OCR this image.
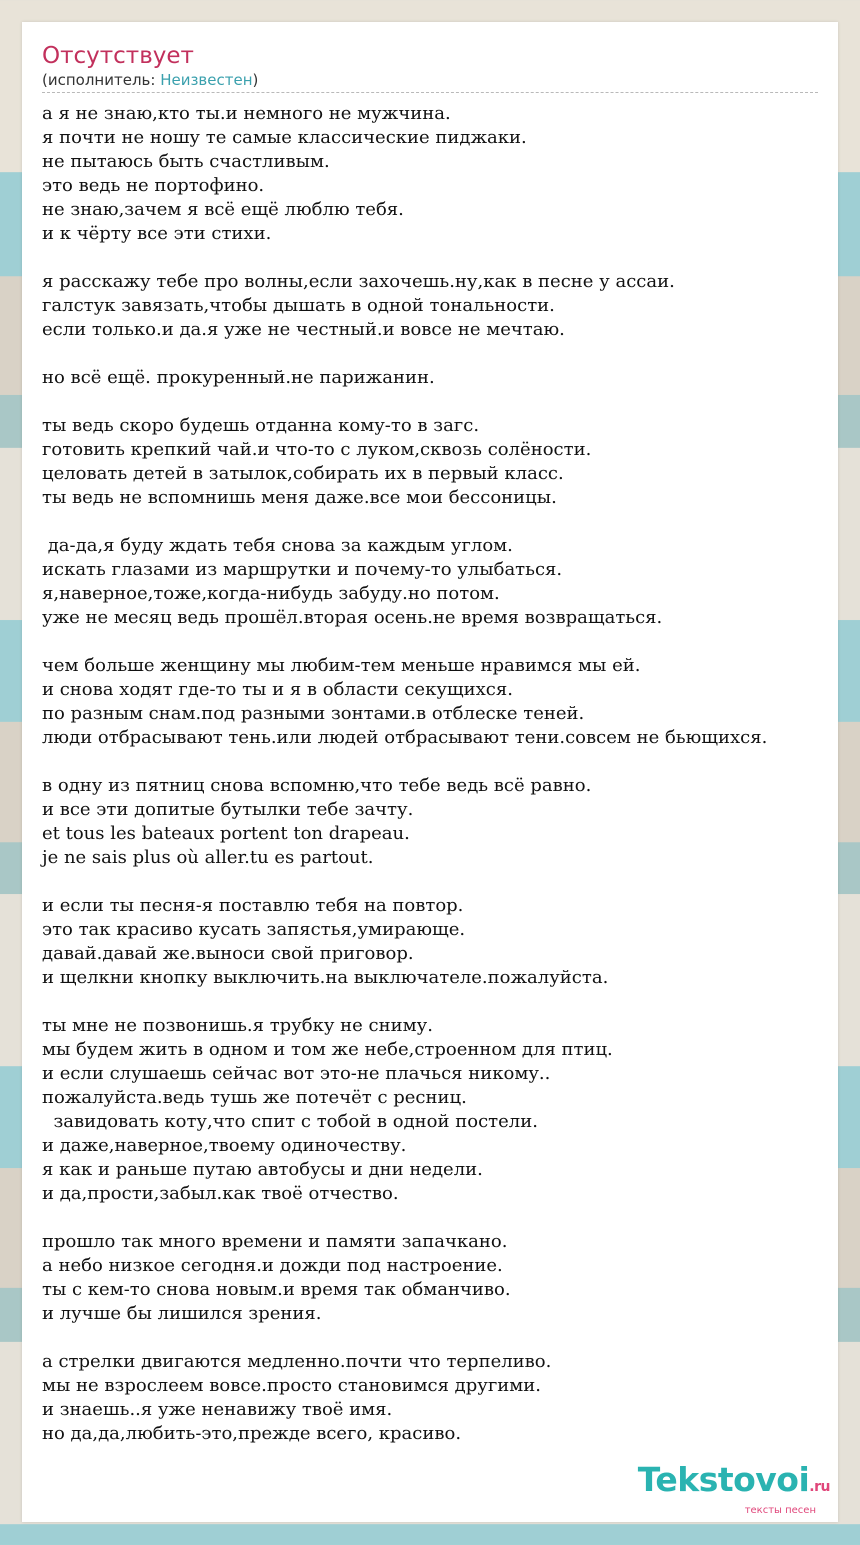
Отсутствует
(исполнитель: Неизвестен)
а я не знаю,кто ты.и немного не мужчина.
я почти не ношу те самые классические пиджаки.
не пытаюсь быть счастливым.
это ведь не портофино.
не знаю,зачем я всё ещё люблю тебя.
и к чёрту все эти стихи.
я расскажу тебе про волны,если захочешь.ну,как в песне у ассаи.
галстук завязать,чтобы дышать в одной тональности.
если только.и да.я уже не честный.и вовсе не мечтаю.
но всё ещё. прокуренный.не парижанин.
ты ведь скоро будешь отданна кому-то в загс.
готовить крепкий чай.и что-то с луком,сквозь солёности.
целовать детей в затылок,собирать их в первый класс.
ты ведь не вспомнишь меня даже.все мои бессоницы.
да-да,я буду ждать тебя снова за каждым углом.
искать глазами из маршрутки и почему-то улыбаться.
я,наверное,тоже,когда-нибудь забуду.но потом.
уже не месяц ведь прошёл.вторая осень.не время возвращаться.
чем больше женщину мы любим-тем меньше нравимся мы ей.
и снова ходят где-то ты и я в области секущихся.
по разным снам.под разными зонтами.в отблеске теней.
люди отбрасывают тень.или людей отбрасывают тени.совсем не бьющихся.
в одну из пятниц снова вспомню,что тебе ведь всё равно.
и все эти допитые бутылки тебе зачту.
et tous les bateaux portent ton drapeau.
je ne sais plus où aller.tu es partout.
и если ты песня-я поставлю тебя на повтор.
это так красиво кусать запястья,умирающе.
давай.давай же.выноси свой приговор.
и щелкни кнопку выключить.на выключателе.пожалуйста.
ты мне не позвонишь.я трубку не сниму.
мы будем жить в одном и том же небе,строенном для птиц.
и если слушаешь сейчас вот это-не плачься никому..
пожалуйста.ведь тушь же потечёт с ресниц.
завидовать коту,что спит с тобой в одной постели.
и даже,наверное,твоему одиночеству.
я как и раньше путаю автобусы и дни недели.
и да,прости,забыл.как твоё отчество.
прошло так много времени и памяти запачкано.
а небо низкое сегодня.и дожди под настроение.
ты с кем-то снова новым.и время так обманчиво.
и лучше бы лишился зрения.
а стрелки двигаются медленно.почти что терпеливо.
мы не взрослеем вовсе.просто становимся другими.
и знаешь..я уже ненавижу твоё имя.
но да,да,любить-это,прежде всего, красиво.
Tekstovoi.ru
тексты песен
